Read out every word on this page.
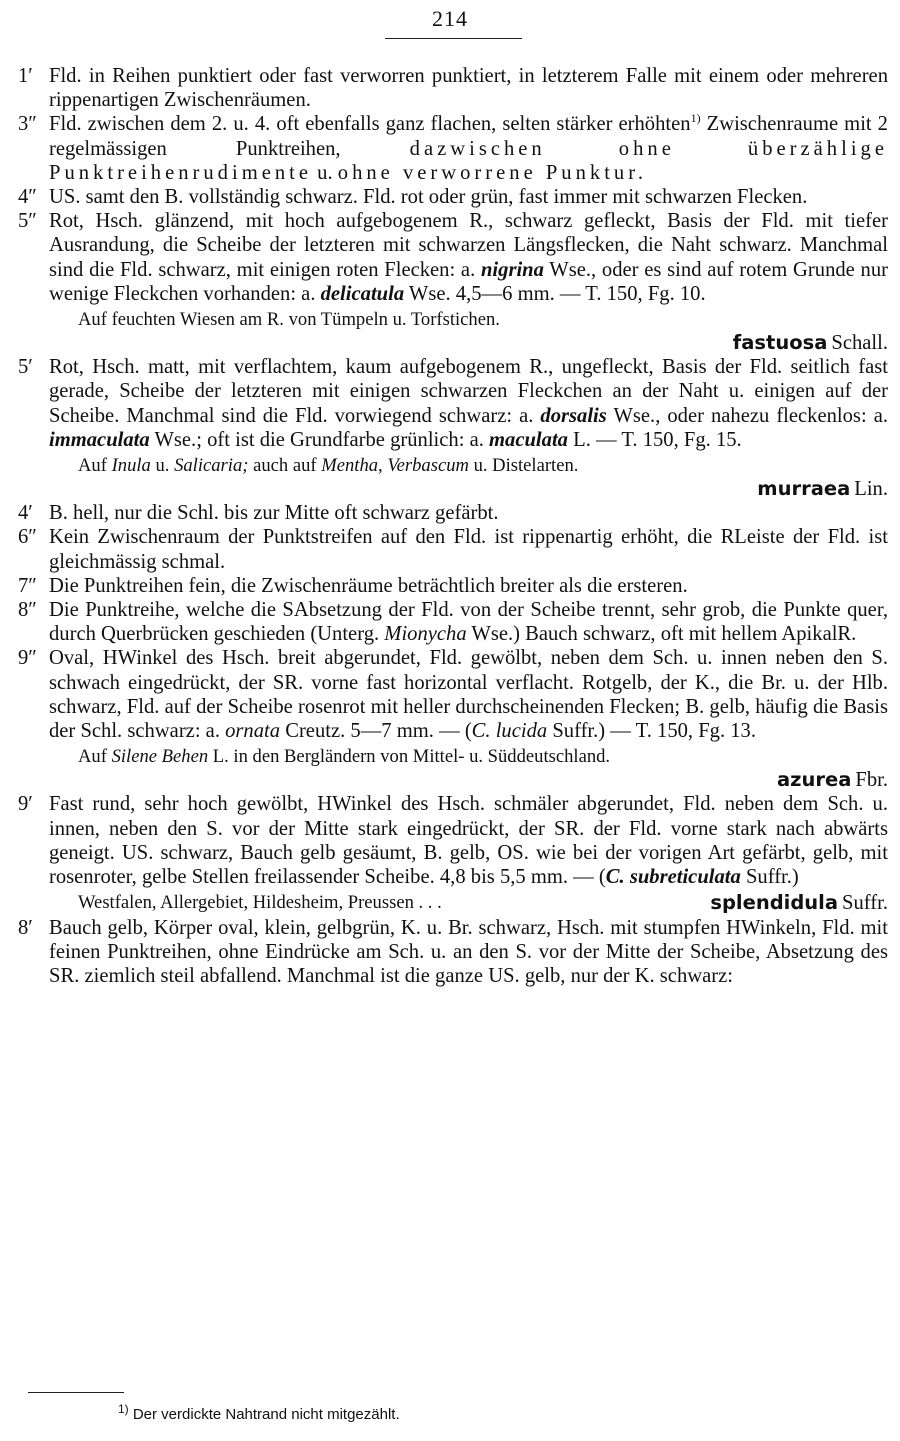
214

1′ Fld. in Reihen punktiert oder fast verworren punktiert, in letzterem Falle mit einem oder mehreren rippenartigen Zwischenräumen.

3″ Fld. zwischen dem 2. u. 4. oft ebenfalls ganz flachen, selten stärker erhöhten$^{1)}$ Zwischenraume mit 2 regelmässigen Punktreihen, dazwischen ohne überzählige Punktreihenrudimente u. ohne verworrene Punktur.

4″ US. samt den B. vollständig schwarz. Fld. rot oder grün, fast immer mit schwarzen Flecken.

5″ Rot, Hsch. glänzend, mit hoch aufgebogenem R., schwarz gefleckt, Basis der Fld. mit tiefer Ausrandung, die Scheibe der letzteren mit schwarzen Längsflecken, die Naht schwarz. Manchmal sind die Fld. schwarz, mit einigen roten Flecken: a. nigrina Wse., oder es sind auf rotem Grunde nur wenige Fleckchen vorhanden: a. delicatula Wse. 4,5—6 mm. — T. 150, Fg. 10.

Auf feuchten Wiesen am R. von Tümpeln u. Torfstichen.

fastuosa Schall.

5′ Rot, Hsch. matt, mit verflachtem, kaum aufgebogenem R., ungefleckt, Basis der Fld. seitlich fast gerade, Scheibe der letzteren mit einigen schwarzen Fleckchen an der Naht u. einigen auf der Scheibe. Manchmal sind die Fld. vorwiegend schwarz: a. dorsalis Wse., oder nahezu fleckenlos: a. immaculata Wse.; oft ist die Grundfarbe grünlich: a. maculata L. — T. 150, Fg. 15.

Auf Inula u. Salicaria; auch auf Mentha, Verbascum u. Distelarten.

murraea Lin.

4′ B. hell, nur die Schl. bis zur Mitte oft schwarz gefärbt.

6″ Kein Zwischenraum der Punktstreifen auf den Fld. ist rippenartig erhöht, die RLeiste der Fld. ist gleichmässig schmal.

7″ Die Punktreihen fein, die Zwischenräume beträchtlich breiter als die ersteren.

8″ Die Punktreihe, welche die SAbsetzung der Fld. von der Scheibe trennt, sehr grob, die Punkte quer, durch Querbrücken geschieden (Unterg. Mionycha Wse.) Bauch schwarz, oft mit hellem ApikalR.

9″ Oval, HWinkel des Hsch. breit abgerundet, Fld. gewölbt, neben dem Sch. u. innen neben den S. schwach eingedrückt, der SR. vorne fast horizontal verflacht. Rotgelb, der K., die Br. u. der Hlb. schwarz, Fld. auf der Scheibe rosenrot mit heller durchscheinenden Flecken; B. gelb, häufig die Basis der Schl. schwarz: a. ornata Creutz. 5—7 mm. — (C. lucida Suffr.) — T. 150, Fg. 13.

Auf Silene Behen L. in den Bergländern von Mittel- u. Süddeutschland.

azurea Fbr.

9′ Fast rund, sehr hoch gewölbt, HWinkel des Hsch. schmäler abgerundet, Fld. neben dem Sch. u. innen, neben den S. vor der Mitte stark eingedrückt, der SR. der Fld. vorne stark nach abwärts geneigt. US. schwarz, Bauch gelb gesäumt, B. gelb, OS. wie bei der vorigen Art gefärbt, gelb, mit rosenroter, gelbe Stellen freilassender Scheibe. 4,8 bis 5,5 mm. — (C. subreticulata Suffr.)

Westfalen, Allergebiet, Hildesheim, Preussen . . .	splendidula Suffr.

8′ Bauch gelb, Körper oval, klein, gelbgrün, K. u. Br. schwarz, Hsch. mit stumpfen HWinkeln, Fld. mit feinen Punktreihen, ohne Eindrücke am Sch. u. an den S. vor der Mitte der Scheibe, Absetzung des SR. ziemlich steil abfallend. Manchmal ist die ganze US. gelb, nur der K. schwarz:

$^{1)}$ Der verdickte Nahtrand nicht mitgezählt.
